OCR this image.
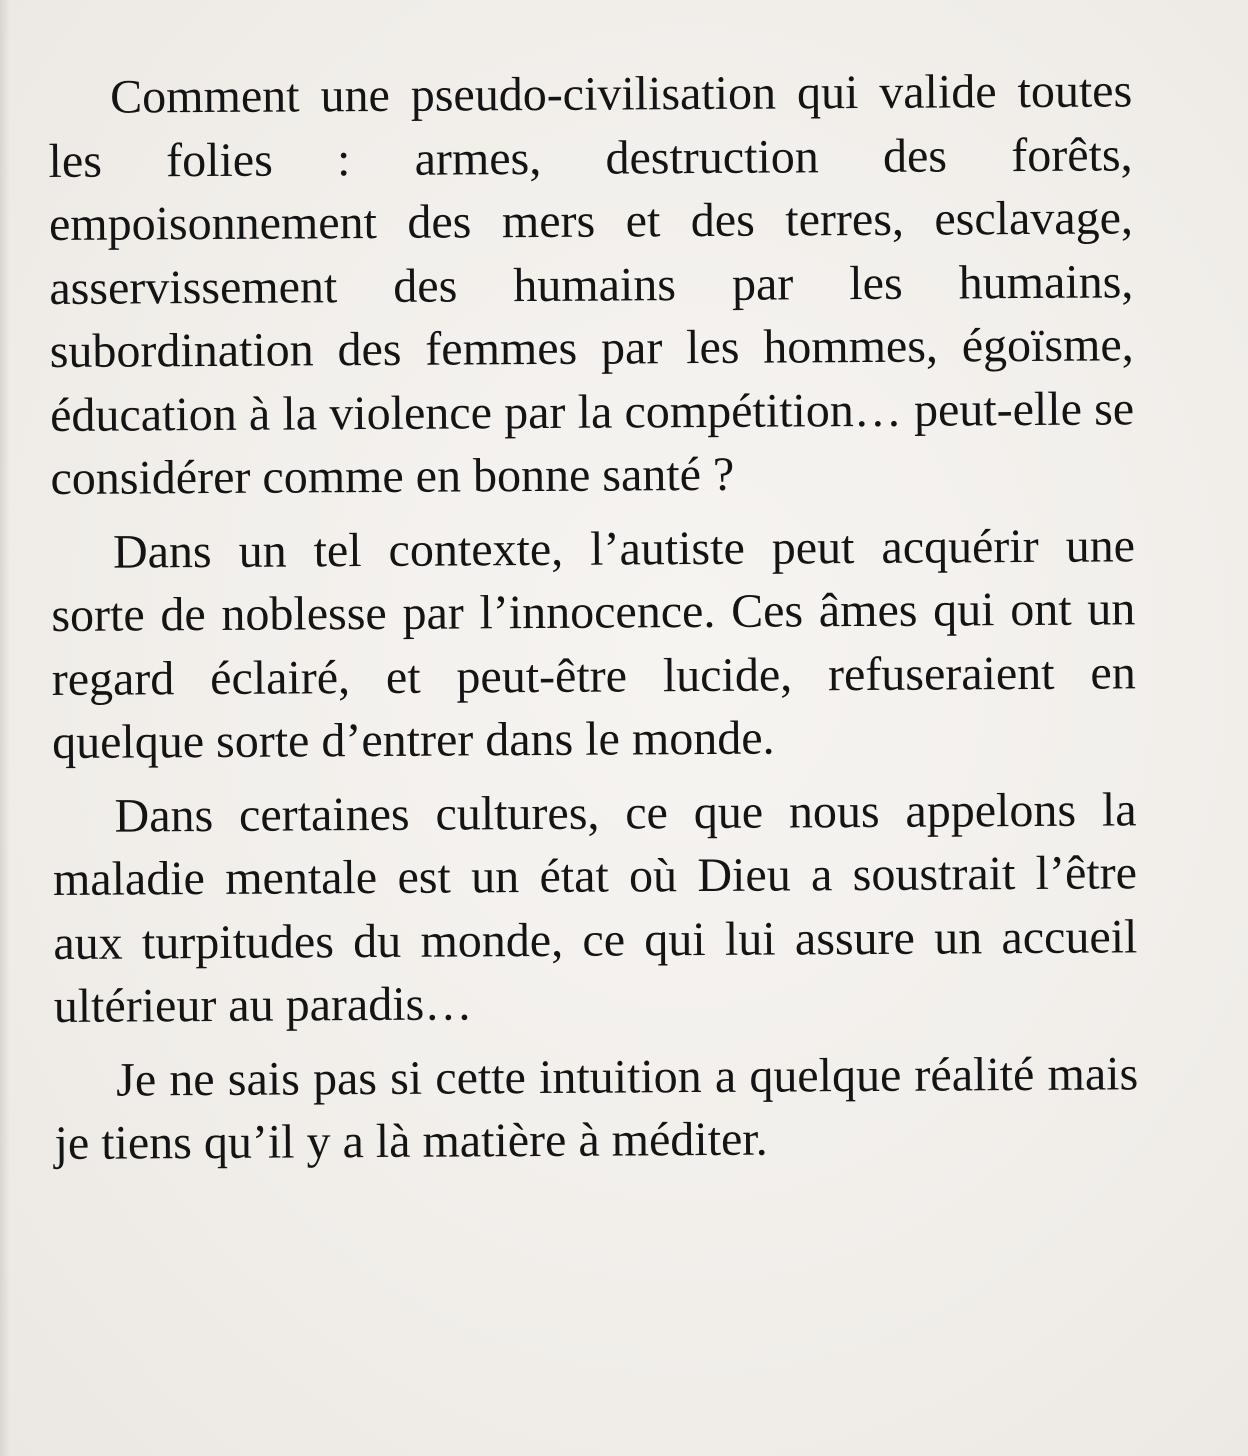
Comment une pseudo-civilisation qui valide toutes les folies : armes, destruction des forêts, empoisonnement des mers et des terres, esclavage, asservissement des humains par les humains, subordination des femmes par les hommes, égoïsme, éducation à la violence par la compétition… peut-elle se considérer comme en bonne santé ?

Dans un tel contexte, l’autiste peut acquérir une sorte de noblesse par l’innocence. Ces âmes qui ont un regard éclairé, et peut-être lucide, refuseraient en quelque sorte d’entrer dans le monde.

Dans certaines cultures, ce que nous appelons la maladie mentale est un état où Dieu a soustrait l’être aux turpitudes du monde, ce qui lui assure un accueil ultérieur au paradis…

Je ne sais pas si cette intuition a quelque réalité mais je tiens qu’il y a là matière à méditer.
